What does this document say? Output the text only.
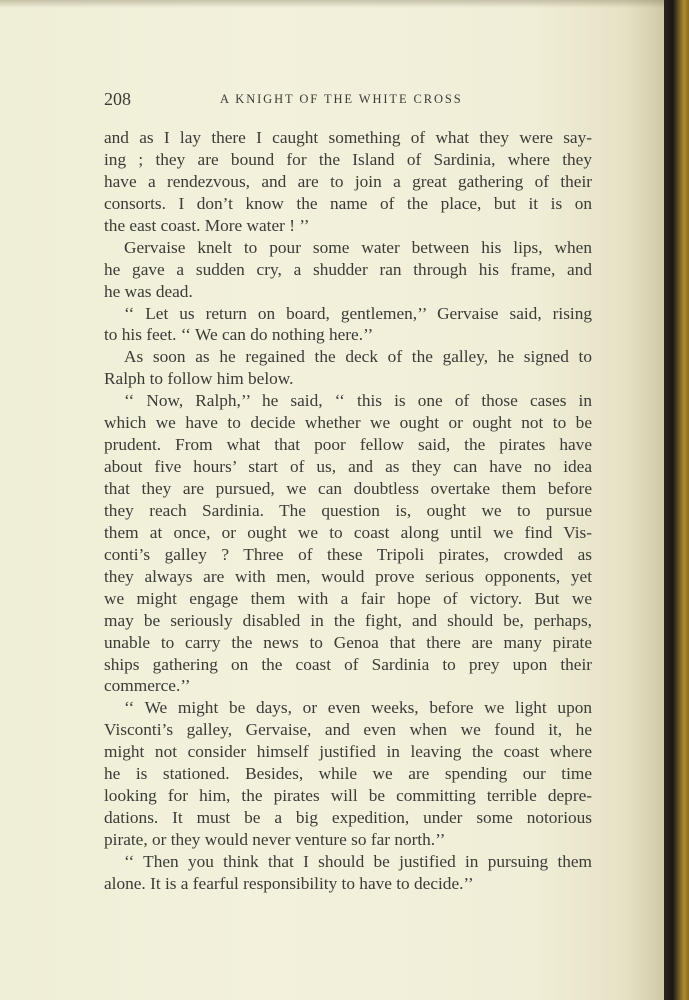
208	A KNIGHT OF THE WHITE CROSS
and as I lay there I caught something of what they were say-
ing ; they are bound for the Island of Sardinia, where they
have a rendezvous, and are to join a great gathering of their
consorts. I don’t know the name of the place, but it is on
the east coast. More water ! ’’
Gervaise knelt to pour some water between his lips, when
he gave a sudden cry, a shudder ran through his frame, and
he was dead.
‘‘ Let us return on board, gentlemen,’’ Gervaise said, rising
to his feet. ‘‘ We can do nothing here.’’
As soon as he regained the deck of the galley, he signed to
Ralph to follow him below.
‘‘ Now, Ralph,’’ he said, ‘‘ this is one of those cases in
which we have to decide whether we ought or ought not to be
prudent. From what that poor fellow said, the pirates have
about five hours’ start of us, and as they can have no idea
that they are pursued, we can doubtless overtake them before
they reach Sardinia. The question is, ought we to pursue
them at once, or ought we to coast along until we find Vis-
conti’s galley ? Three of these Tripoli pirates, crowded as
they always are with men, would prove serious opponents, yet
we might engage them with a fair hope of victory. But we
may be seriously disabled in the fight, and should be, perhaps,
unable to carry the news to Genoa that there are many pirate
ships gathering on the coast of Sardinia to prey upon their
commerce.’’
‘‘ We might be days, or even weeks, before we light upon
Visconti’s galley, Gervaise, and even when we found it, he
might not consider himself justified in leaving the coast where
he is stationed. Besides, while we are spending our time
looking for him, the pirates will be committing terrible depre-
dations. It must be a big expedition, under some notorious
pirate, or they would never venture so far north.’’
‘‘ Then you think that I should be justified in pursuing them
alone. It is a fearful responsibility to have to decide.’’
